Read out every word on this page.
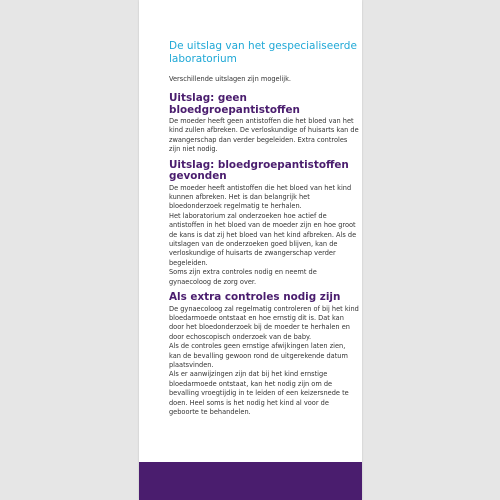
De uitslag van het gespecialiseerde laboratorium

Verschillende uitslagen zijn mogelijk.

Uitslag: geen bloedgroepantistoffen

De moeder heeft geen antistoffen die het bloed van het kind zullen afbreken. De verloskundige of huisarts kan de zwangerschap dan verder begeleiden. Extra controles zijn niet nodig.

Uitslag: bloedgroepantistoffen gevonden

De moeder heeft antistoffen die het bloed van het kind kunnen afbreken. Het is dan belangrijk het bloedonderzoek regelmatig te herhalen.

Het laboratorium zal onderzoeken hoe actief de antistoffen in het bloed van de moeder zijn en hoe groot de kans is dat zij het bloed van het kind afbreken. Als de uitslagen van de onderzoeken goed blijven, kan de verloskundige of huisarts de zwangerschap verder begeleiden.

Soms zijn extra controles nodig en neemt de gynaecoloog de zorg over.

Als extra controles nodig zijn

De gynaecoloog zal regelmatig controleren of bij het kind bloedarmoede ontstaat en hoe ernstig dit is. Dat kan door het bloedonderzoek bij de moeder te herhalen en door echoscopisch onderzoek van de baby.

Als de controles geen ernstige afwijkingen laten zien, kan de bevalling gewoon rond de uitgerekende datum plaatsvinden.

Als er aanwijzingen zijn dat bij het kind ernstige bloedarmoede ontstaat, kan het nodig zijn om de bevalling vroegtijdig in te leiden of een keizersnede te doen. Heel soms is het nodig het kind al voor de geboorte te behandelen.
